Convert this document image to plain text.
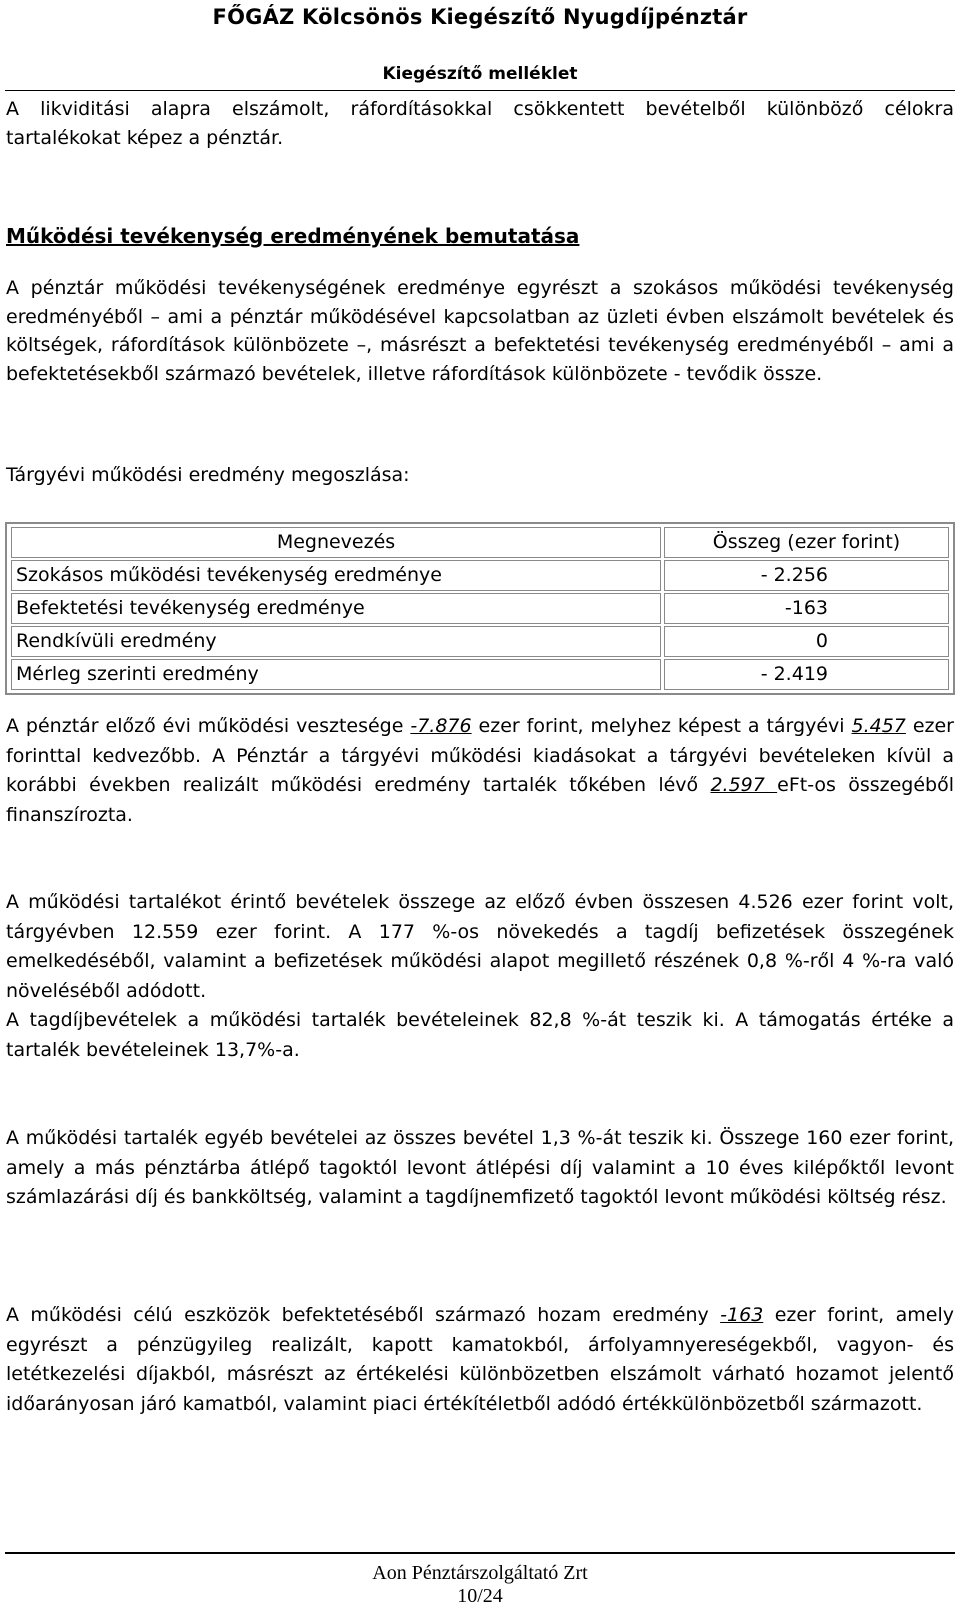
FŐGÁZ Kölcsönös Kiegészítő Nyugdíjpénztár
Kiegészítő melléklet
A likviditási alapra elszámolt, ráfordításokkal csökkentett bevételből különböző célokra tartalékokat képez a pénztár.
Működési tevékenység eredményének bemutatása
A pénztár működési tevékenységének eredménye egyrészt a szokásos működési tevékenység eredményéből – ami a pénztár működésével kapcsolatban az üzleti évben elszámolt bevételek és költségek, ráfordítások különbözete –, másrészt a befektetési tevékenység eredményéből – ami a befektetésekből származó bevételek, illetve ráfordítások különbözete - tevődik össze.
Tárgyévi működési eredmény megoszlása:
Megnevezés	Összeg (ezer forint)
Szokásos működési tevékenység eredménye	- 2.256
Befektetési tevékenység eredménye	-163
Rendkívüli eredmény	0
Mérleg szerinti eredmény	- 2.419
A pénztár előző évi működési vesztesége -7.876 ezer forint, melyhez képest a tárgyévi 5.457 ezer forinttal kedvezőbb. A Pénztár a tárgyévi működési kiadásokat a tárgyévi bevételeken kívül a korábbi években realizált működési eredmény tartalék tőkében lévő 2.597 eFt-os összegéből finanszírozta.
A működési tartalékot érintő bevételek összege az előző évben összesen 4.526 ezer forint volt, tárgyévben 12.559 ezer forint. A 177 %-os növekedés a tagdíj befizetések összegének emelkedéséből, valamint a befizetések működési alapot megillető részének 0,8 %-ről 4 %-ra való növeléséből adódott.
A tagdíjbevételek a működési tartalék bevételeinek 82,8 %-át teszik ki. A támogatás értéke a tartalék bevételeinek 13,7%-a.
A működési tartalék egyéb bevételei az összes bevétel 1,3 %-át teszik ki. Összege 160 ezer forint, amely a más pénztárba átlépő tagoktól levont átlépési díj valamint a 10 éves kilépőktől levont számlazárási díj és bankköltség, valamint a tagdíjnemfizető tagoktól levont működési költség rész.
A működési célú eszközök befektetéséből származó hozam eredmény -163 ezer forint, amely egyrészt a pénzügyileg realizált, kapott kamatokból, árfolyamnyereségekből, vagyon- és letétkezelési díjakból, másrészt az értékelési különbözetben elszámolt várható hozamot jelentő időarányosan járó kamatból, valamint piaci értékítéletből adódó értékkülönbözetből származott.
Aon Pénztárszolgáltató Zrt
10/24
